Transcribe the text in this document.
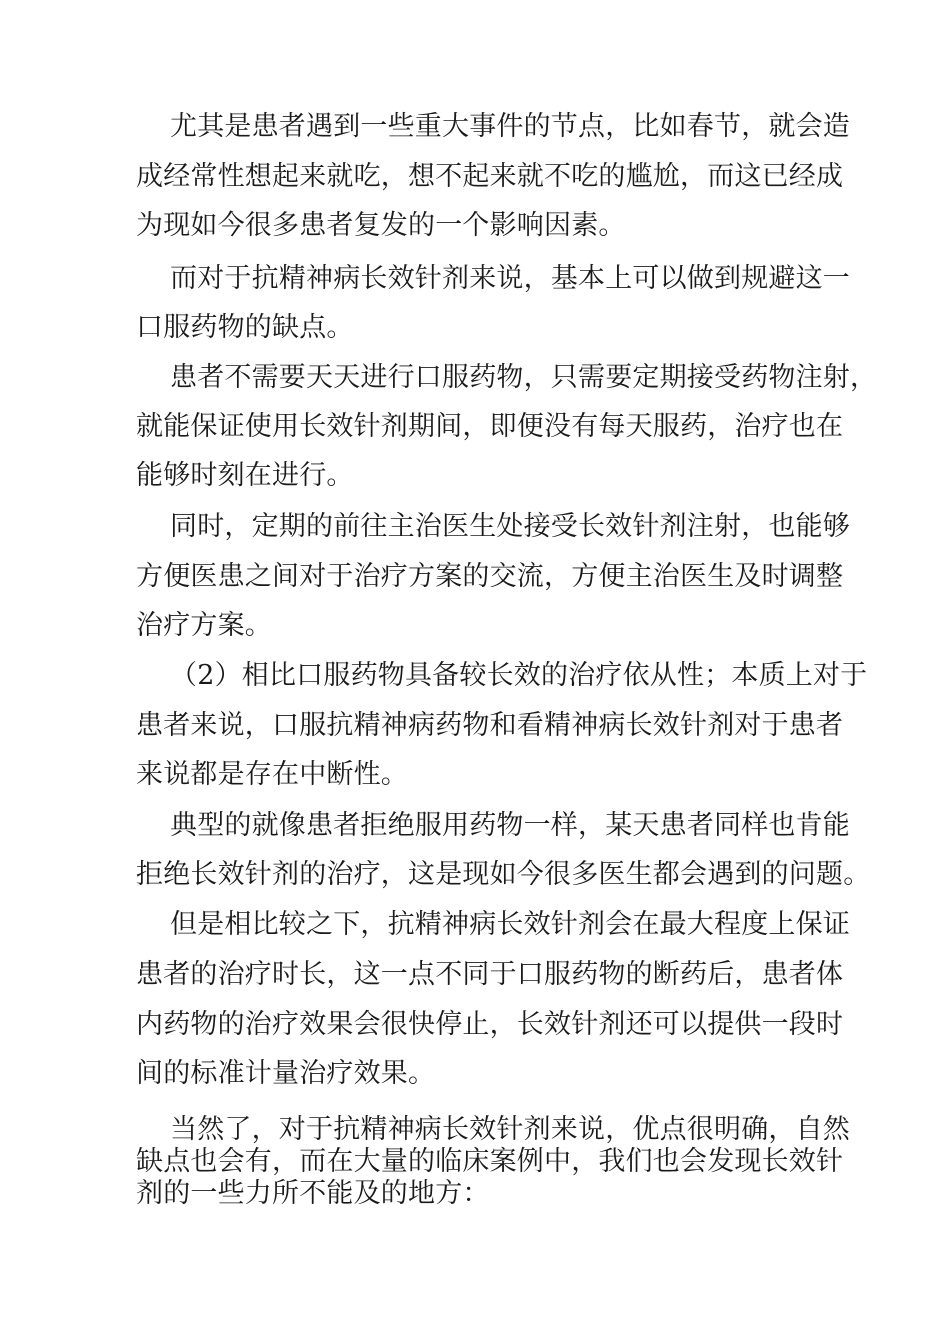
尤其是患者遇到一些重大事件的节点，比如春节，就会造
成经常性想起来就吃，想不起来就不吃的尴尬，而这已经成
为现如今很多患者复发的一个影响因素。
而对于抗精神病长效针剂来说，基本上可以做到规避这一
口服药物的缺点。
患者不需要天天进行口服药物，只需要定期接受药物注射，
就能保证使用长效针剂期间，即便没有每天服药，治疗也在
能够时刻在进行。
同时，定期的前往主治医生处接受长效针剂注射，也能够
方便医患之间对于治疗方案的交流，方便主治医生及时调整
治疗方案。
（2）相比口服药物具备较长效的治疗依从性；本质上对于
患者来说，口服抗精神病药物和看精神病长效针剂对于患者
来说都是存在中断性。
典型的就像患者拒绝服用药物一样，某天患者同样也肯能
拒绝长效针剂的治疗，这是现如今很多医生都会遇到的问题。
但是相比较之下，抗精神病长效针剂会在最大程度上保证
患者的治疗时长，这一点不同于口服药物的断药后，患者体
内药物的治疗效果会很快停止，长效针剂还可以提供一段时
间的标准计量治疗效果。
当然了，对于抗精神病长效针剂来说，优点很明确，自然
缺点也会有，而在大量的临床案例中，我们也会发现长效针
剂的一些力所不能及的地方：
